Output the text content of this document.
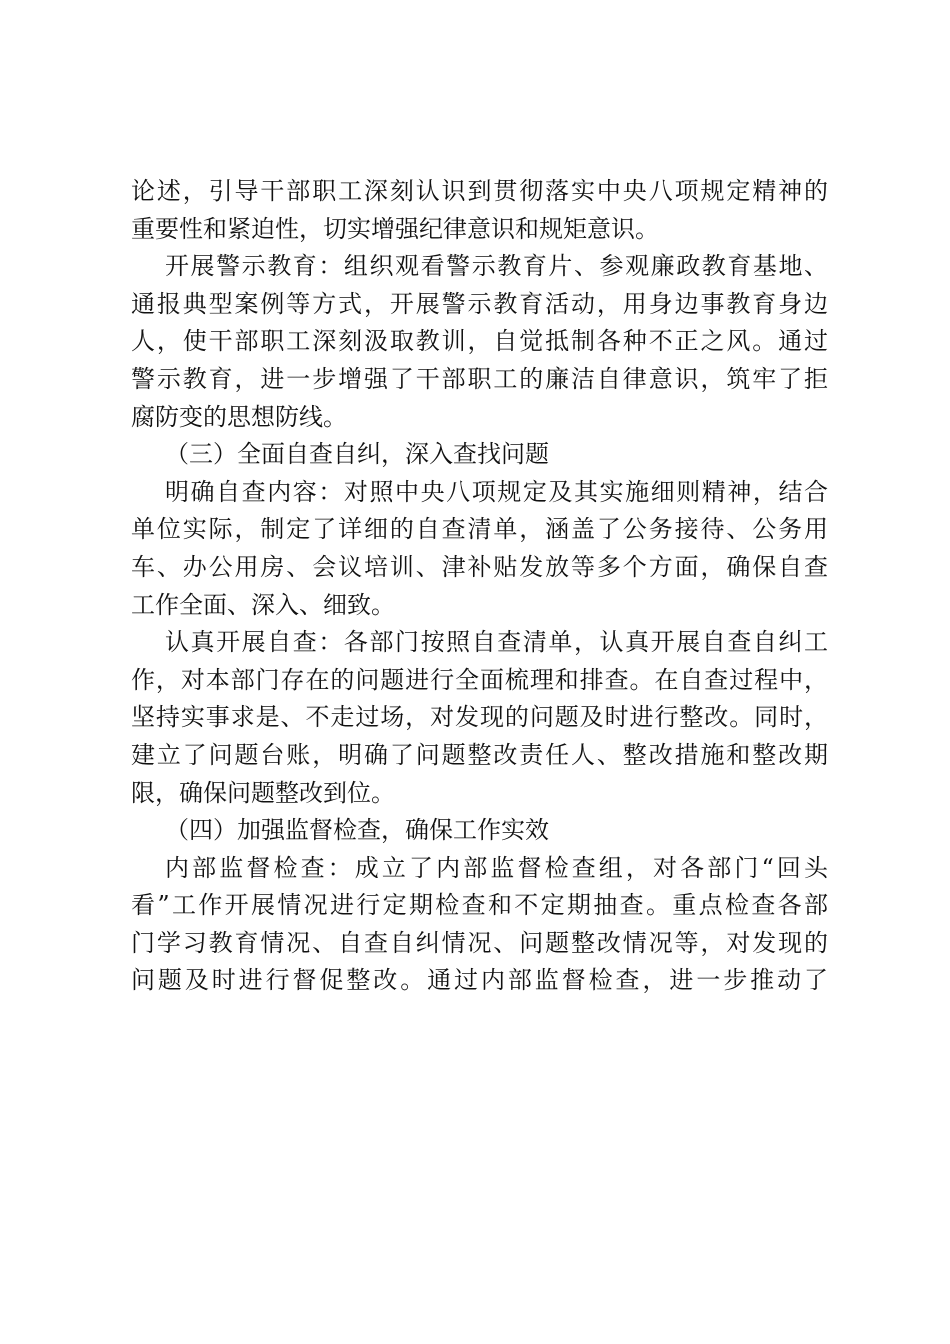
论述，引导干部职工深刻认识到贯彻落实中央八项规定精神的
重要性和紧迫性，切实增强纪律意识和规矩意识。
开展警示教育：组织观看警示教育片、参观廉政教育基地、
通报典型案例等方式，开展警示教育活动，用身边事教育身边
人，使干部职工深刻汲取教训，自觉抵制各种不正之风。通过
警示教育，进一步增强了干部职工的廉洁自律意识，筑牢了拒
腐防变的思想防线。
（三）全面自查自纠，深入查找问题
明确自查内容：对照中央八项规定及其实施细则精神，结合
单位实际，制定了详细的自查清单，涵盖了公务接待、公务用
车、办公用房、会议培训、津补贴发放等多个方面，确保自查
工作全面、深入、细致。
认真开展自查：各部门按照自查清单，认真开展自查自纠工
作，对本部门存在的问题进行全面梳理和排查。在自查过程中，
坚持实事求是、不走过场，对发现的问题及时进行整改。同时，
建立了问题台账，明确了问题整改责任人、整改措施和整改期
限，确保问题整改到位。
（四）加强监督检查，确保工作实效
内部监督检查：成立了内部监督检查组，对各部门“回头
看”工作开展情况进行定期检查和不定期抽查。重点检查各部
门学习教育情况、自查自纠情况、问题整改情况等，对发现的
问题及时进行督促整改。通过内部监督检查，进一步推动了
